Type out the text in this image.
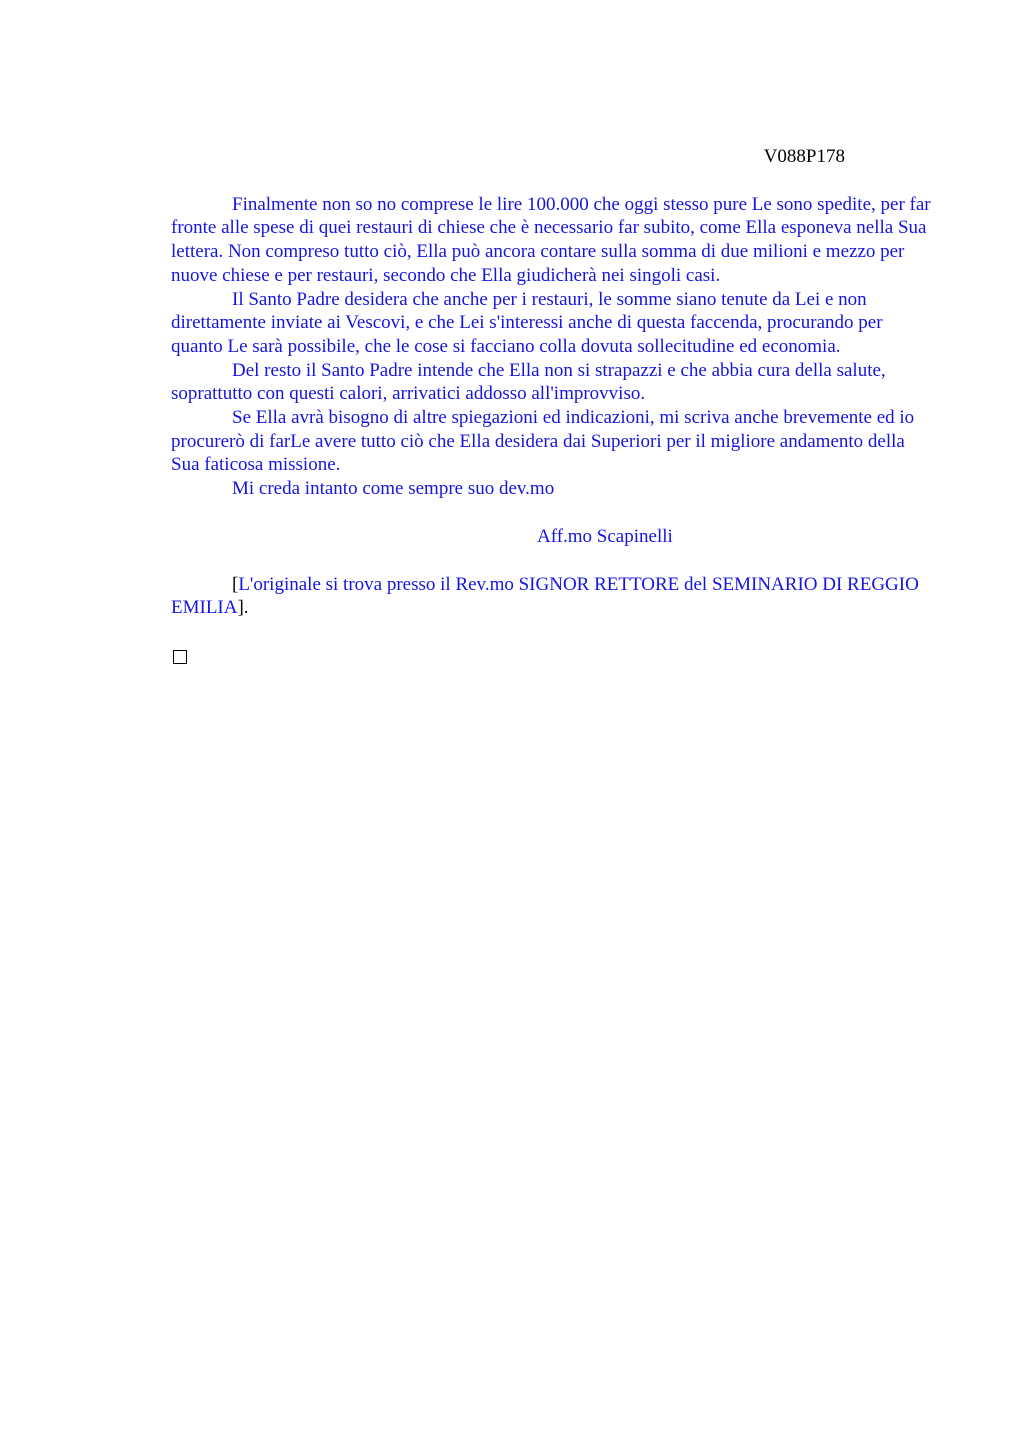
V088P178

Finalmente non so no comprese le lire 100.000 che oggi stesso pure Le sono spedite, per far fronte alle spese di quei restauri di chiese che è necessario far subito, come Ella esponeva nella Sua lettera. Non compreso tutto ciò, Ella può ancora contare sulla somma di due milioni e mezzo per nuove chiese e per restauri, secondo che Ella giudicherà nei singoli casi.

Il Santo Padre desidera che anche per i restauri, le somme siano tenute da Lei e non direttamente inviate ai Vescovi, e che Lei s'interessi anche di questa faccenda, procurando per quanto Le sarà possibile, che le cose si facciano colla dovuta sollecitudine ed economia.

Del resto il Santo Padre intende che Ella non si strapazzi e che abbia cura della salute, soprattutto con questi calori, arrivatici addosso all'improvviso.

Se Ella avrà bisogno di altre spiegazioni ed indicazioni, mi scriva anche brevemente ed io procurerò di farLe avere tutto ciò che Ella desidera dai Superiori per il migliore andamento della Sua faticosa missione.

Mi creda intanto come sempre suo dev.mo

Aff.mo Scapinelli
[L'originale si trova presso il Rev.mo SIGNOR RETTORE del SEMINARIO DI REGGIO EMILIA].
